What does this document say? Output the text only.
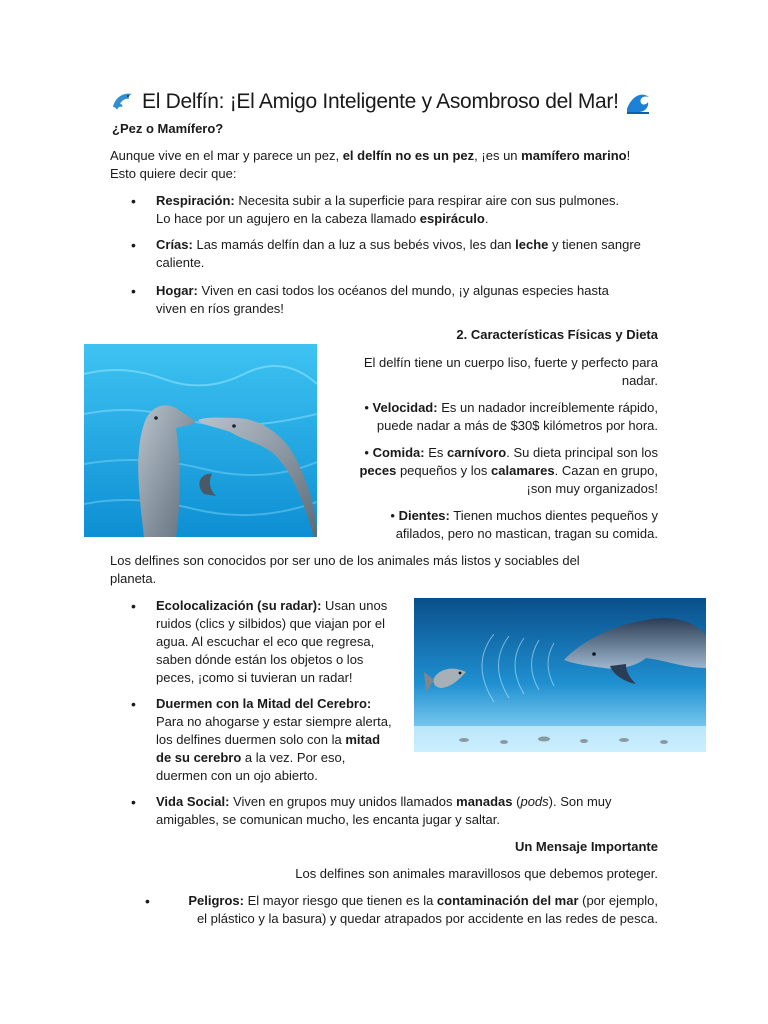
El Delfín: ¡El Amigo Inteligente y Asombroso del Mar!

¿Pez o Mamífero?

Aunque vive en el mar y parece un pez, el delfín no es un pez, ¡es un mamífero marino!
Esto quiere decir que:

• Respiración: Necesita subir a la superficie para respirar aire con sus pulmones.
Lo hace por un agujero en la cabeza llamado espiráculo.

• Crías: Las mamás delfín dan a luz a sus bebés vivos, les dan leche y tienen sangre
caliente.

• Hogar: Viven en casi todos los océanos del mundo, ¡y algunas especies hasta
viven en ríos grandes!

2. Características Físicas y Dieta

El delfín tiene un cuerpo liso, fuerte y perfecto para
nadar.

• Velocidad: Es un nadador increíblemente rápido,
puede nadar a más de $30$ kilómetros por hora.

• Comida: Es carnívoro. Su dieta principal son los
peces pequeños y los calamares. Cazan en grupo,
¡son muy organizados!

• Dientes: Tienen muchos dientes pequeños y
afilados, pero no mastican, tragan su comida.

Los delfines son conocidos por ser uno de los animales más listos y sociables del
planeta.

• Ecolocalización (su radar): Usan unos
ruidos (clics y silbidos) que viajan por el
agua. Al escuchar el eco que regresa,
saben dónde están los objetos o los
peces, ¡como si tuvieran un radar!

• Duermen con la Mitad del Cerebro:
Para no ahogarse y estar siempre alerta,
los delfines duermen solo con la mitad
de su cerebro a la vez. Por eso,
duermen con un ojo abierto.

• Vida Social: Viven en grupos muy unidos llamados manadas (pods). Son muy
amigables, se comunican mucho, les encanta jugar y saltar.

Un Mensaje Importante

Los delfines son animales maravillosos que debemos proteger.

•	Peligros: El mayor riesgo que tienen es la contaminación del mar (por ejemplo,
el plástico y la basura) y quedar atrapados por accidente en las redes de pesca.
